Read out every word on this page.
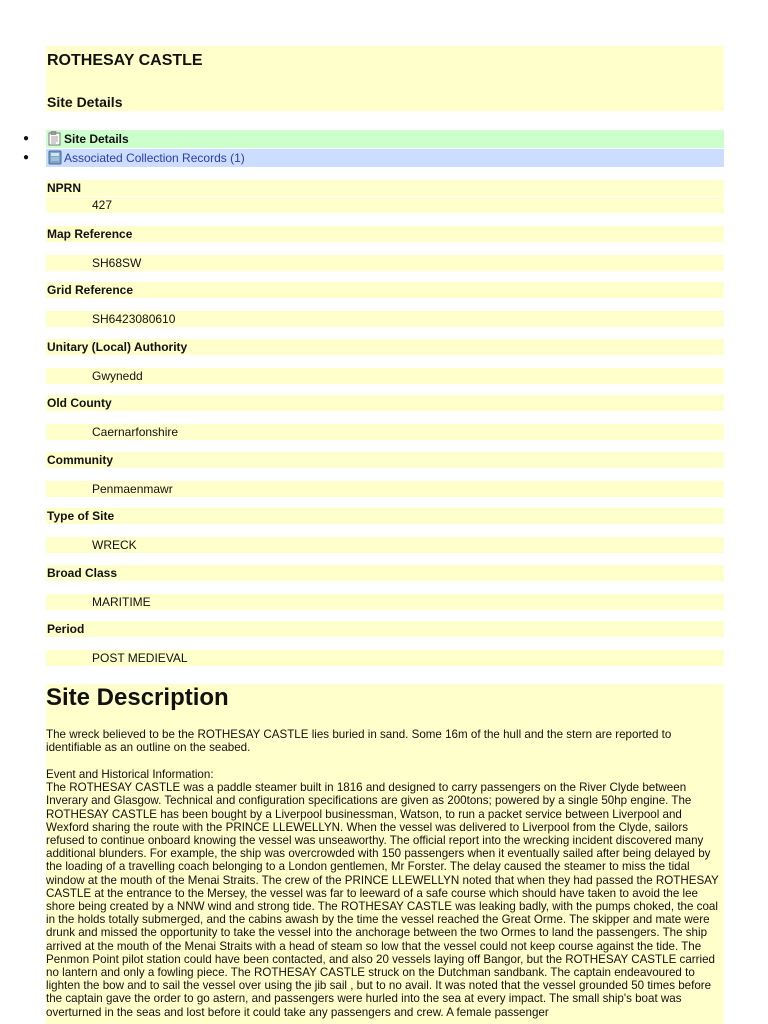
ROTHESAY CASTLE
Site Details
●	Site Details
●	Associated Collection Records (1)
NPRN
427
Map Reference
SH68SW
Grid Reference
SH6423080610
Unitary (Local) Authority
Gwynedd
Old County
Caernarfonshire
Community
Penmaenmawr
Type of Site
WRECK
Broad Class
MARITIME
Period
POST MEDIEVAL
Site Description

The wreck believed to be the ROTHESAY CASTLE lies buried in sand. Some 16m of the hull and the stern are reported to identifiable as an outline on the seabed.

Event and Historical Information:
The ROTHESAY CASTLE was a paddle steamer built in 1816 and designed to carry passengers on the River Clyde between Inverary and Glasgow. Technical and configuration specifications are given as 200tons; powered by a single 50hp engine. The ROTHESAY CASTLE has been bought by a Liverpool businessman, Watson, to run a packet service between Liverpool and Wexford sharing the route with the PRINCE LLEWELLYN. When the vessel was delivered to Liverpool from the Clyde, sailors refused to continue onboard knowing the vessel was unseaworthy. The official report into the wrecking incident discovered many additional blunders. For example, the ship was overcrowded with 150 passengers when it eventually sailed after being delayed by the loading of a travelling coach belonging to a London gentlemen, Mr Forster. The delay caused the steamer to miss the tidal window at the mouth of the Menai Straits. The crew of the PRINCE LLEWELLYN noted that when they had passed the ROTHESAY CASTLE at the entrance to the Mersey, the vessel was far to leeward of a safe course which should have taken to avoid the lee shore being created by a NNW wind and strong tide. The ROTHESAY CASTLE was leaking badly, with the pumps choked, the coal in the holds totally submerged, and the cabins awash by the time the vessel reached the Great Orme. The skipper and mate were drunk and missed the opportunity to take the vessel into the anchorage between the two Ormes to land the passengers. The ship arrived at the mouth of the Menai Straits with a head of steam so low that the vessel could not keep course against the tide. The Penmon Point pilot station could have been contacted, and also 20 vessels laying off Bangor, but the ROTHESAY CASTLE carried no lantern and only a fowling piece. The ROTHESAY CASTLE struck on the Dutchman sandbank. The captain endeavoured to lighten the bow and to sail the vessel over using the jib sail , but to no avail. It was noted that the vessel grounded 50 times before the captain gave the order to go astern, and passengers were hurled into the sea at every impact. The small ship's boat was overturned in the seas and lost before it could take any passengers and crew. A female passenger
